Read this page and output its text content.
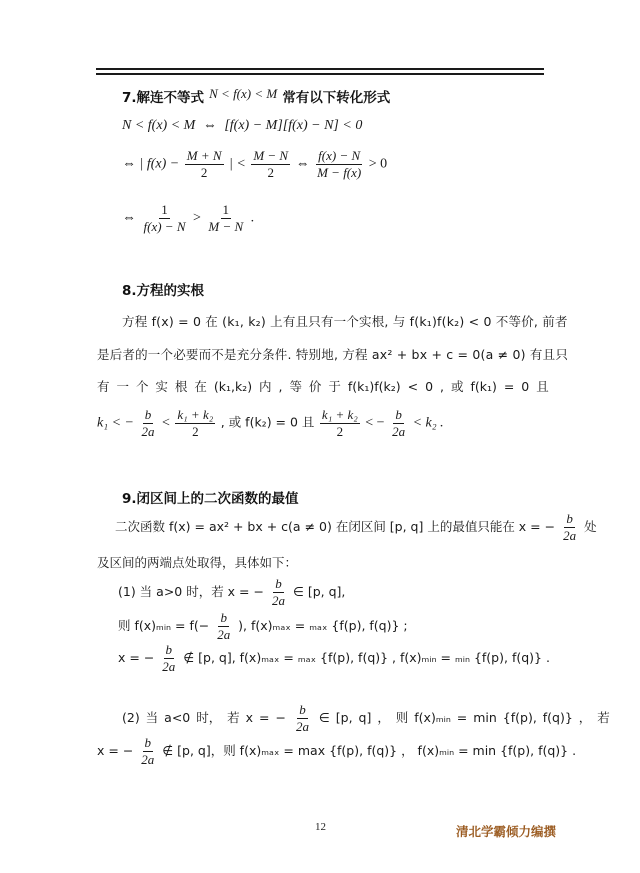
7.解连不等式 $^{N < f(x) < M}$ 常有以下转化形式
N < f(x) < M ⇔ [f(x) − M][f(x) − N] < 0
⇔ | $f(x) - \frac{M + N}{2}$ | < $\frac{M - N}{2}$ ⇔ $\frac{f(x) - N}{M - f(x)} > 0$
⇔ $\frac{1}{f(x) - N} > \frac{1}{M - N}$ .
8.方程的实根
方程 f(x) = 0 在 (k₁, k₂) 上有且只有一个实根, 与 f(k₁)f(k₂) < 0 不等价, 前者
是后者的一个必要而不是充分条件. 特别地, 方程 ax² + bx + c = 0(a ≠ 0) 有且只
有 一 个 实 根 在 (k₁,k₂) 内 , 等 价 于 f(k₁)f(k₂) < 0 , 或 f(k₁) = 0 且
k₁ < − $\frac{b}{2a} < \frac{\text{k₁ + k₂}}{2}$ , 或 f(k₂) = 0 且 $\frac{\text{k₁ + k₂}}{2}$ < − $\frac{b}{2a} < k_2$ .
9.闭区间上的二次函数的最值
二次函数 f(x) = ax² + bx + c(a ≠ 0) 在闭区间 [p, q] 上的最值只能在 x = − $\frac{b}{2a}$ 处
及区间的两端点处取得，具体如下：
(1) 当 a>0 时，若 x = − $\frac{b}{2a}$ ∈ [p, q],
则 f(x)ₘᵢₙ = $f(- \frac{b}{2a}$ ), f(x)ₘₐₓ = ₘₐₓ {f(p), f(q)} ;
x = − $\frac{b}{2a}$ ∉ [p, q], f(x)ₘₐₓ = ₘₐₓ {f(p), f(q)} , f(x)ₘᵢₙ = ₘᵢₙ {f(p), f(q)} .
(2) 当 a<0 时， 若 x = − $\frac{b}{2a}$ ∈ [p, q] ， 则 f(x)ₘᵢₙ = min {f(p), f(q)} ， 若
x = − $\frac{b}{2a}$ ∉ [p, q]，则 f(x)ₘₐₓ = max {f(p), f(q)} ， f(x)ₘᵢₙ = min {f(p), f(q)} .
12	清北学霸倾力编撰
